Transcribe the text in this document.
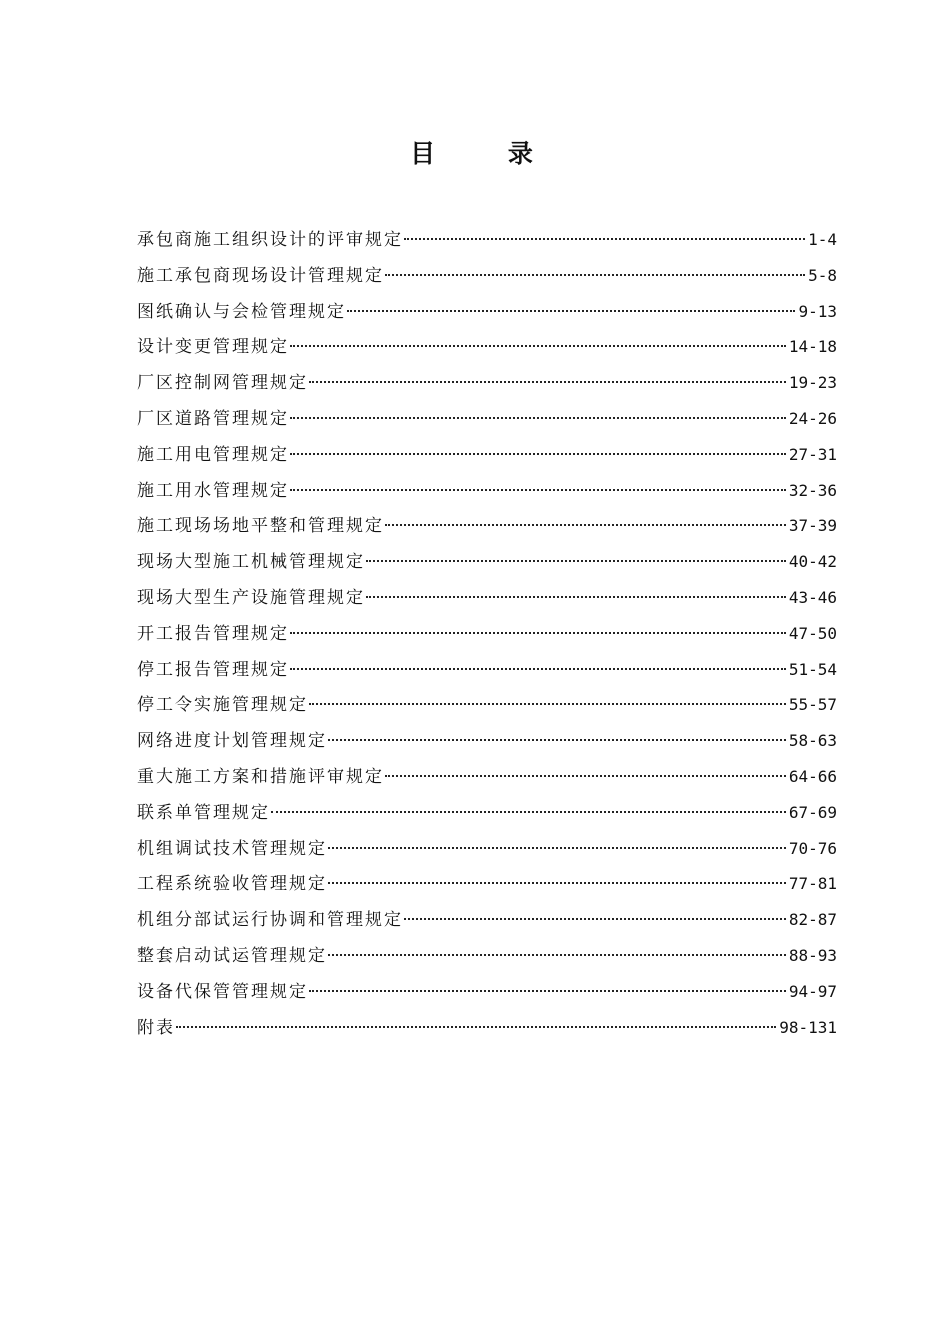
目 录
承包商施工组织设计的评审规定	1-4
施工承包商现场设计管理规定	5-8
图纸确认与会检管理规定	9-13
设计变更管理规定	14-18
厂区控制网管理规定	19-23
厂区道路管理规定	24-26
施工用电管理规定	27-31
施工用水管理规定	32-36
施工现场场地平整和管理规定	37-39
现场大型施工机械管理规定	40-42
现场大型生产设施管理规定	43-46
开工报告管理规定	47-50
停工报告管理规定	51-54
停工令实施管理规定	55-57
网络进度计划管理规定	58-63
重大施工方案和措施评审规定	64-66
联系单管理规定	67-69
机组调试技术管理规定	70-76
工程系统验收管理规定	77-81
机组分部试运行协调和管理规定	82-87
整套启动试运管理规定	88-93
设备代保管管理规定	94-97
附表	98-131
